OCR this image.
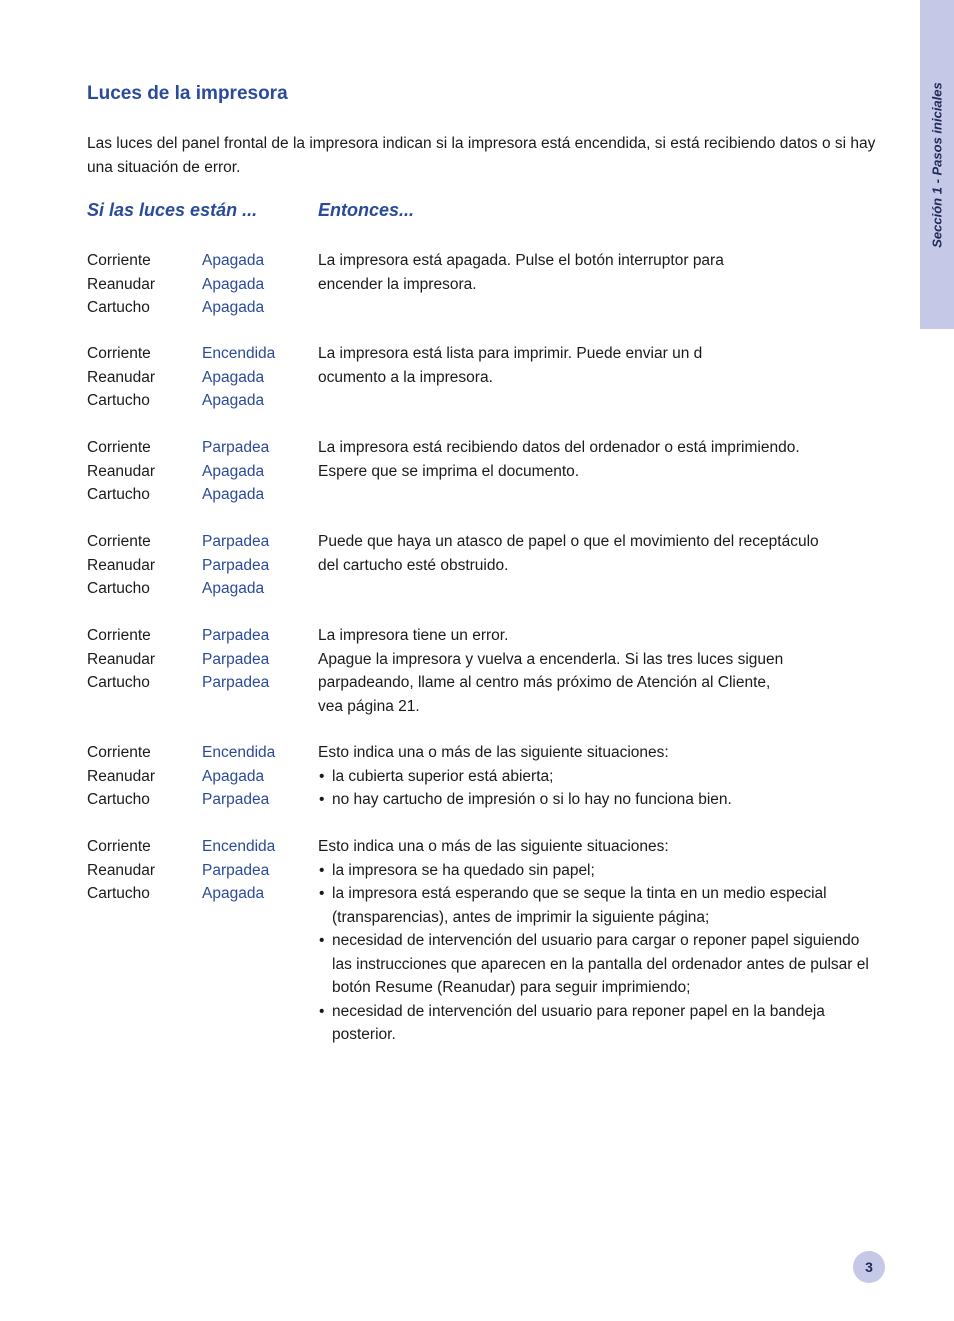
Sección 1 - Pasos iniciales
Luces de la impresora

Las luces del panel frontal de la impresora indican si la impresora está encendida, si está recibiendo datos o si hay una situación de error.

Si las luces están ...	Entonces...
Corriente	Apagada
Reanudar	Apagada
Cartucho	Apagada

La impresora está apagada. Pulse el botón interruptor para

encender la impresora.

Corriente	Encendida
Reanudar	Apagada
Cartucho	Apagada

La impresora está lista para imprimir. Puede enviar un d

ocumento a la impresora.

Corriente	Parpadea
Reanudar	Apagada
Cartucho	Apagada

La impresora está recibiendo datos del ordenador o está imprimiendo.

Espere que se imprima el documento.

Corriente	Parpadea
Reanudar	Parpadea
Cartucho	Apagada

Puede que haya un atasco de papel o que el movimiento del receptáculo

del cartucho esté obstruido.

Corriente	Parpadea
Reanudar	Parpadea
Cartucho	Parpadea

La impresora tiene un error.

Apague la impresora y vuelva a encenderla. Si las tres luces siguen

parpadeando, llame al centro más próximo de Atención al Cliente,

vea página 21.

Corriente	Encendida
Reanudar	Apagada
Cartucho	Parpadea

Esto indica una o más de las siguiente situaciones:

• la cubierta superior está abierta;
• no hay cartucho de impresión o si lo hay no funciona bien.
Corriente	Encendida
Reanudar	Parpadea
Cartucho	Apagada

Esto indica una o más de las siguiente situaciones:

• la impresora se ha quedado sin papel;
• la impresora está esperando que se seque la tinta en un medio especial (transparencias), antes de imprimir la siguiente página;
• necesidad de intervención del usuario para cargar o reponer papel siguiendo las instrucciones que aparecen en la pantalla del ordenador antes de pulsar el botón Resume (Reanudar) para seguir imprimiendo;
• necesidad de intervención del usuario para reponer papel en la bandeja posterior.
3
